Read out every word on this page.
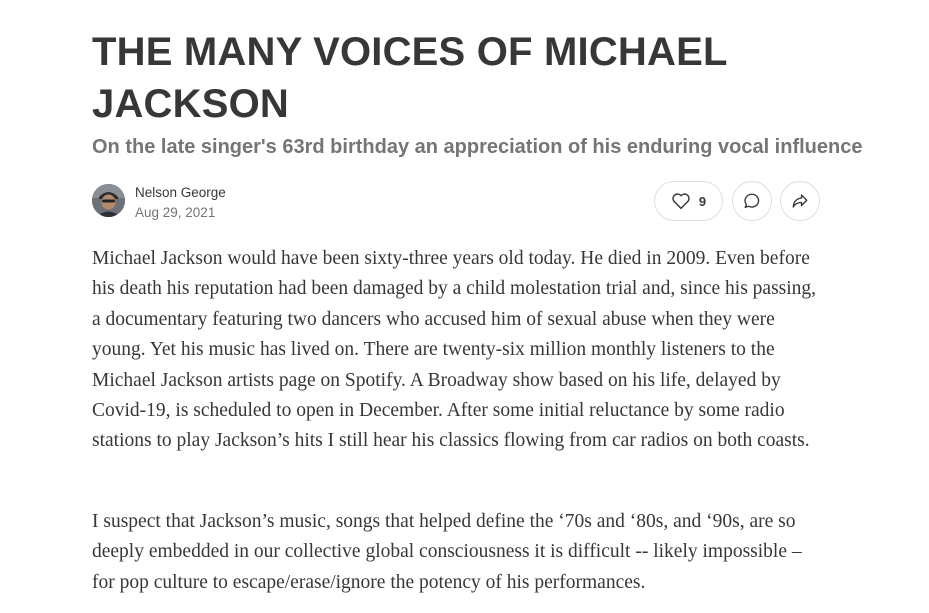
THE MANY VOICES OF MICHAEL JACKSON
On the late singer's 63rd birthday an appreciation of his enduring vocal influence
Nelson George
Aug 29, 2021
9

Michael Jackson would have been sixty-three years old today. He died in 2009. Even before his death his reputation had been damaged by a child molestation trial and, since his passing, a documentary featuring two dancers who accused him of sexual abuse when they were young. Yet his music has lived on. There are twenty-six million monthly listeners to the Michael Jackson artists page on Spotify. A Broadway show based on his life, delayed by Covid-19, is scheduled to open in December. After some initial reluctance by some radio stations to play Jackson’s hits I still hear his classics flowing from car radios on both coasts.

I suspect that Jackson’s music, songs that helped define the ‘70s and ‘80s, and ‘90s, are so deeply embedded in our collective global consciousness it is difficult -- likely impossible – for pop culture to escape/erase/ignore the potency of his performances.
